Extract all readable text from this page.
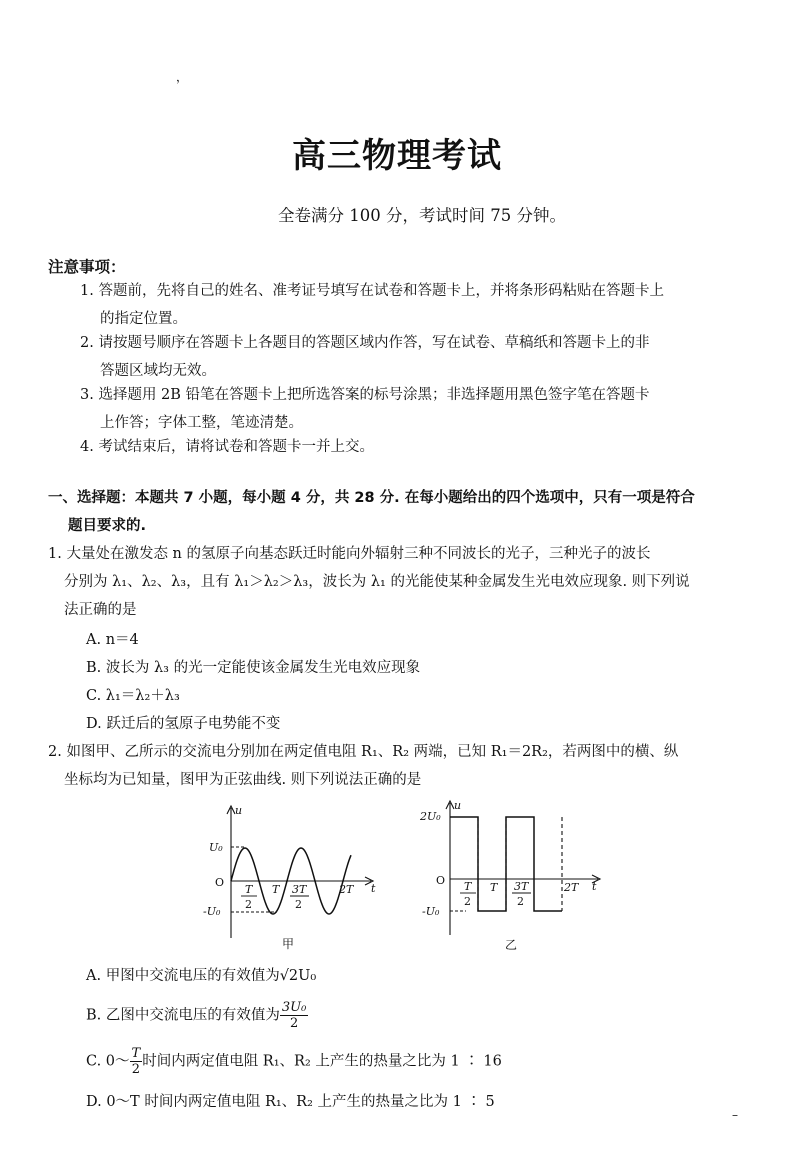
，
高三物理考试
全卷满分 100 分，考试时间 75 分钟。
注意事项：
1. 答题前，先将自己的姓名、准考证号填写在试卷和答题卡上，并将条形码粘贴在答题卡上
的指定位置。
2. 请按题号顺序在答题卡上各题目的答题区域内作答，写在试卷、草稿纸和答题卡上的非
答题区域均无效。
3. 选择题用 2B 铅笔在答题卡上把所选答案的标号涂黑；非选择题用黑色签字笔在答题卡
上作答；字体工整，笔迹清楚。
4. 考试结束后，请将试卷和答题卡一并上交。
一、选择题：本题共 7 小题，每小题 4 分，共 28 分. 在每小题给出的四个选项中，只有一项是符合
题目要求的.
1. 大量处在激发态 n 的氢原子向基态跃迁时能向外辐射三种不同波长的光子，三种光子的波长
分别为 λ₁、λ₂、λ₃，且有 λ₁＞λ₂＞λ₃，波长为 λ₁ 的光能使某种金属发生光电效应现象. 则下列说
法正确的是
A. n＝4
B. 波长为 λ₃ 的光一定能使该金属发生光电效应现象
C. λ₁＝λ₂＋λ₃
D. 跃迁后的氢原子电势能不变
2. 如图甲、乙所示的交流电分别加在两定值电阻 R₁、R₂ 两端，已知 R₁＝2R₂，若两图中的横、纵
坐标均为已知量，图甲为正弦曲线. 则下列说法正确的是
u
U₀
O
-U₀
t
T
2
T 3T
2
2T
甲
u
2U₀
O
-U₀
t
T
2
T 3T
2
2T
乙
A. 甲图中交流电压的有效值为√2U₀
B. 乙图中交流电压的有效值为 $\frac{\text{3U₀}}{2}$
C. 0～ $\frac{T}{2}$ 时间内两定值电阻 R₁、R₂ 上产生的热量之比为 1 ∶ 16
D. 0～T 时间内两定值电阻 R₁、R₂ 上产生的热量之比为 1 ∶ 5
–
